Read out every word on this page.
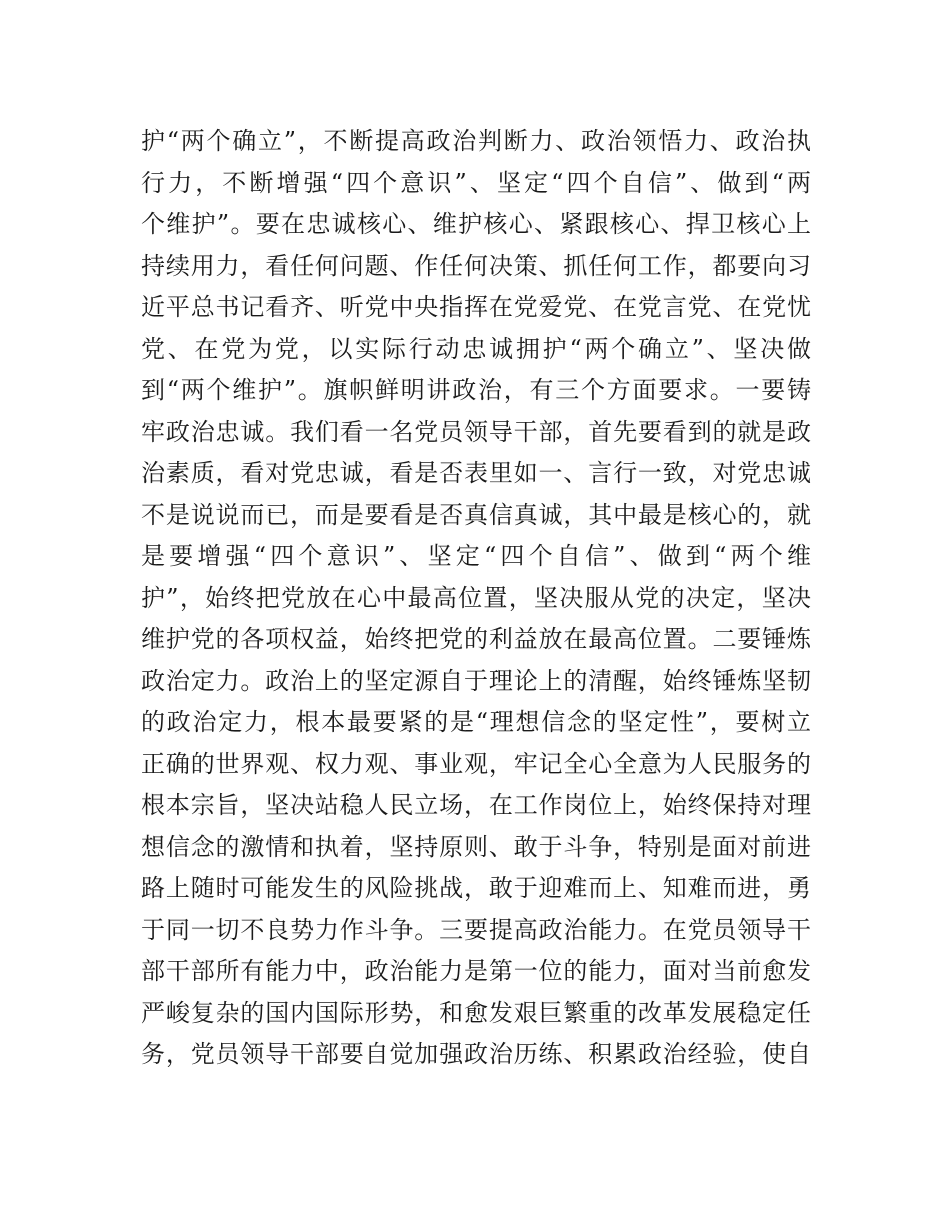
护“两个确立”，不断提高政治判断力、政治领悟力、政治执
行力，不断增强“四个意识”、坚定“四个自信”、做到“两
个维护”。要在忠诚核心、维护核心、紧跟核心、捍卫核心上
持续用力，看任何问题、作任何决策、抓任何工作，都要向习
近平总书记看齐、听党中央指挥在党爱党、在党言党、在党忧
党、在党为党，以实际行动忠诚拥护“两个确立”、坚决做
到“两个维护”。旗帜鲜明讲政治，有三个方面要求。一要铸
牢政治忠诚。我们看一名党员领导干部，首先要看到的就是政
治素质，看对党忠诚，看是否表里如一、言行一致，对党忠诚
不是说说而已，而是要看是否真信真诚，其中最是核心的，就
是要增强“四个意识”、坚定“四个自信”、做到“两个维
护”，始终把党放在心中最高位置，坚决服从党的决定，坚决
维护党的各项权益，始终把党的利益放在最高位置。二要锤炼
政治定力。政治上的坚定源自于理论上的清醒，始终锤炼坚韧
的政治定力，根本最要紧的是“理想信念的坚定性”，要树立
正确的世界观、权力观、事业观，牢记全心全意为人民服务的
根本宗旨，坚决站稳人民立场，在工作岗位上，始终保持对理
想信念的激情和执着，坚持原则、敢于斗争，特别是面对前进
路上随时可能发生的风险挑战，敢于迎难而上、知难而进，勇
于同一切不良势力作斗争。三要提高政治能力。在党员领导干
部干部所有能力中，政治能力是第一位的能力，面对当前愈发
严峻复杂的国内国际形势，和愈发艰巨繁重的改革发展稳定任
务，党员领导干部要自觉加强政治历练、积累政治经验，使自
